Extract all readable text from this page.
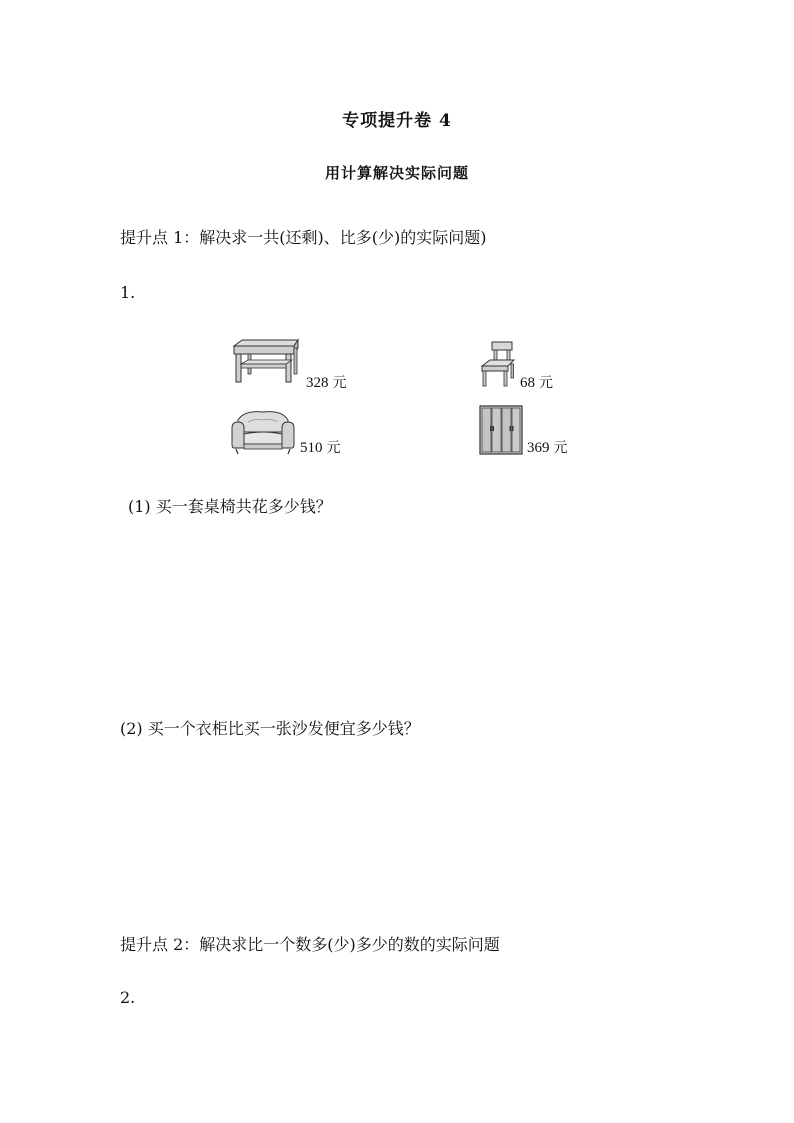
专项提升卷 4
用计算解决实际问题
提升点 1：解决求一共(还剩)、比多(少)的实际问题)
1.
328 元	68 元
510 元	369 元
(1) 买一套桌椅共花多少钱？
(2) 买一个衣柜比买一张沙发便宜多少钱？
提升点 2：解决求比一个数多(少)多少的数的实际问题
2.
